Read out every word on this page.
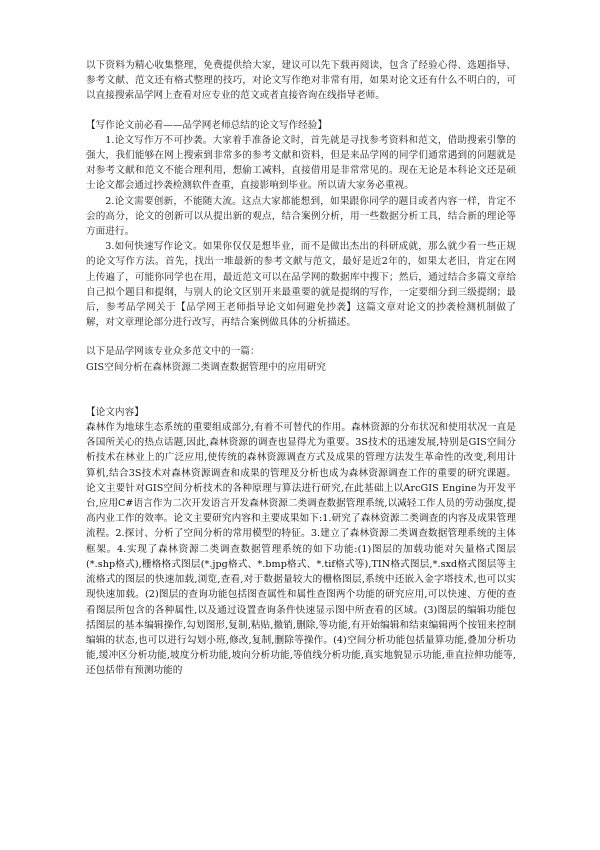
以下资料为精心收集整理，免费提供给大家，建议可以先下载再阅读，包含了经验心得、选题指导、参考文献、范文还有格式整理的技巧，对论文写作绝对非常有用，如果对论文还有什么不明白的，可以直接搜索品学网上查看对应专业的范文或者直接咨询在线指导老师。

【写作论文前必看——品学网老师总结的论文写作经验】

1.论文写作万不可抄袭。大家着手准备论文时，首先就是寻找参考资料和范文，借助搜索引擎的强大，我们能够在网上搜索到非常多的参考文献和资料，但是来品学网的同学们通常遇到的问题就是对参考文献和范文不能合理利用，想偷工减料，直接借用是非常常见的。现在无论是本科论文还是硕士论文都会通过抄袭检测软件查重，直接影响到毕业。所以请大家务必重视。

2.论文需要创新，不能随大流。这点大家都能想到，如果跟你同学的题目或者内容一样，肯定不会的高分，论文的创新可以从提出新的观点，结合案例分析，用一些数据分析工具，结合新的理论等方面进行。

3.如何快速写作论文。如果你仅仅是想毕业，而不是做出杰出的科研成就，那么就少看一些正规的论文写作方法。首先，找出一堆最新的参考文献与范文，最好是近2年的，如果太老旧，肯定在网上传遍了，可能你同学也在用，最近范文可以在品学网的数据库中搜下；然后，通过结合多篇文章给自己拟个题目和提纲，与别人的论文区别开来最重要的就是提纲的写作，一定要细分到三级提纲；最后，参考品学网关于【品学网王老师指导论文如何避免抄袭】这篇文章对论文的抄袭检测机制做了解，对文章理论部分进行改写，再结合案例做具体的分析描述。

以下是品学网该专业众多范文中的一篇：

GIS空间分析在森林资源二类调查数据管理中的应用研究

【论文内容】

森林作为地球生态系统的重要组成部分,有着不可替代的作用。森林资源的分布状况和使用状况一直是各国所关心的热点话题,因此,森林资源的调查也显得尤为重要。3S技术的迅速发展,特别是GIS空间分析技术在林业上的广泛应用,使传统的森林资源调查方式及成果的管理方法发生革命性的改变,利用计算机,结合3S技术对森林资源调查和成果的管理及分析也成为森林资源调查工作的重要的研究课题。论文主要针对GIS空间分析技术的各种原理与算法进行研究,在此基础上以ArcGIS Engine为开发平台,应用C#语言作为二次开发语言开发森林资源二类调查数据管理系统,以减轻工作人员的劳动强度,提高内业工作的效率。论文主要研究内容和主要成果如下:1.研究了森林资源二类调查的内容及成果管理流程。2.探讨、分析了空间分析的常用模型的特征。3.建立了森林资源二类调查数据管理系统的主体框架。4.实现了森林资源二类调查数据管理系统的如下功能:(1)图层的加载功能对矢量格式图层(*.shp格式),栅格格式图层(*.jpg格式、*.bmp格式、*.tif格式等),TIN格式图层,*.sxd格式图层等主流格式的图层的快速加载,浏览,查看,对于数据量较大的栅格图层,系统中还嵌入金字塔技术,也可以实现快速加载。(2)图层的查询功能包括图查属性和属性查图两个功能的研究应用,可以快速、方便的查看图层所包含的各种属性,以及通过设置查询条件快速显示图中所查看的区域。(3)图层的编辑功能包括图层的基本编辑操作,勾划图形,复制,粘贴,撤销,删除,等功能,有开始编辑和结束编辑两个按钮来控制编辑的状态,也可以进行勾划小班,修改,复制,删除等操作。(4)空间分析功能包括量算功能,叠加分析功能,缓冲区分析功能,坡度分析功能,坡向分析功能,等值线分析功能,真实地貌显示功能,垂直拉伸功能等,还包括带有预测功能的
